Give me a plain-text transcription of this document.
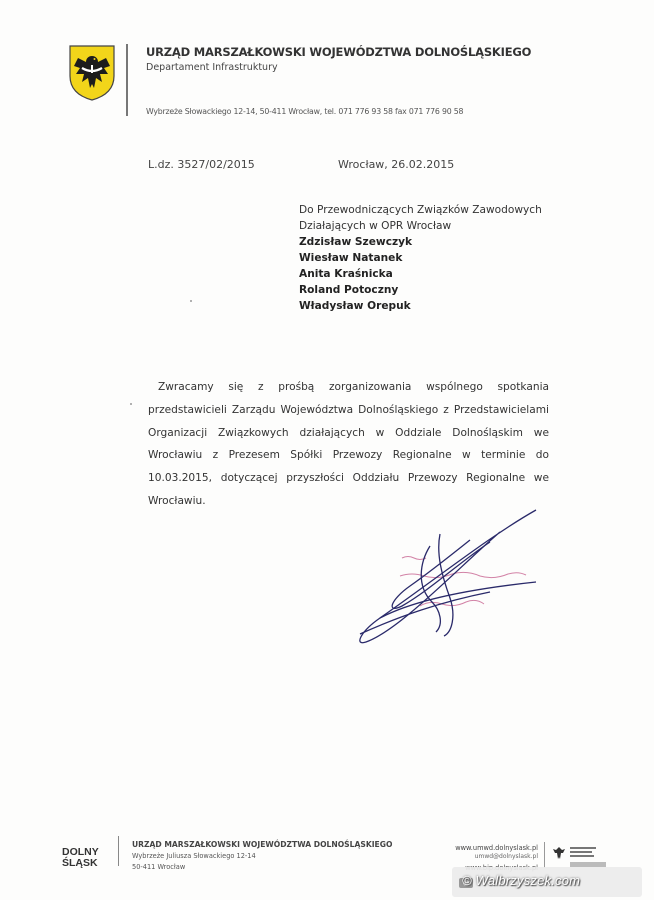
URZĄD MARSZAŁKOWSKI WOJEWÓDZTWA DOLNOŚLĄSKIEGO
Departament Infrastruktury
Wybrzeże Słowackiego 12-14, 50-411 Wrocław, tel. 071 776 93 58 fax 071 776 90 58
L.dz. 3527/02/2015	Wrocław, 26.02.2015
Do Przewodniczących Związków Zawodowych
Działających w OPR Wrocław
Zdzisław Szewczyk
Wiesław Natanek
Anita Kraśnicka
Roland Potoczny
Władysław Orepuk
Zwracamy się z prośbą zorganizowania wspólnego spotkania przedstawicieli Zarządu Województwa Dolnośląskiego z Przedstawicielami Organizacji Związkowych działających w Oddziale Dolnośląskim we Wrocławiu z Prezesem Spółki Przewozy Regionalne w terminie do 10.03.2015, dotyczącej przyszłości Oddziału Przewozy Regionalne we Wrocławiu.
DOLNY
ŚLĄSK
URZĄD MARSZAŁKOWSKI WOJEWÓDZTWA DOLNOŚLĄSKIEGO
Wybrzeże Juliusza Słowackiego 12-14
50-411 Wrocław
www.umwd.dolnyslask.pl
umwd@dolnyslask.pl
© Walbrzyszek.com
